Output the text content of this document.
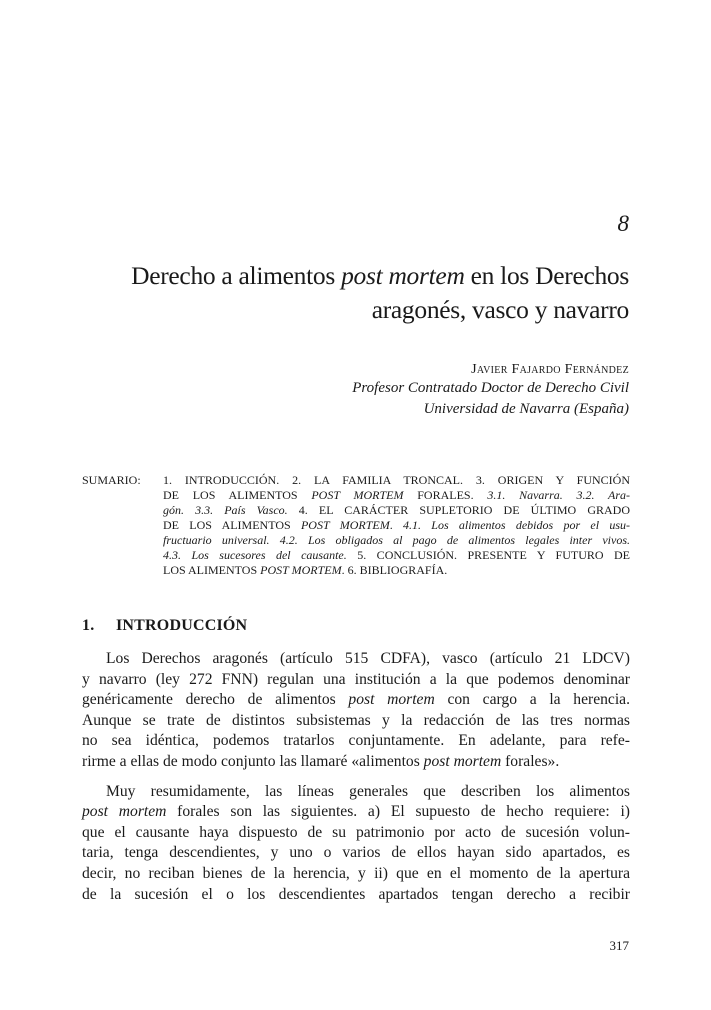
8
Derecho a alimentos post mortem en los Derechos
aragonés, vasco y navarro
Javier Fajardo Fernández
Profesor Contratado Doctor de Derecho Civil
Universidad de Navarra (España)
SUMARIO: 1. INTRODUCCIÓN. 2. LA FAMILIA TRONCAL. 3. ORIGEN Y FUNCIÓN
DE LOS ALIMENTOS POST MORTEM FORALES. 3.1. Navarra. 3.2. Ara-
gón. 3.3. País Vasco. 4. EL CARÁCTER SUPLETORIO DE ÚLTIMO GRADO
DE LOS ALIMENTOS POST MORTEM. 4.1. Los alimentos debidos por el usu-
fructuario universal. 4.2. Los obligados al pago de alimentos legales inter vivos.
4.3. Los sucesores del causante. 5. CONCLUSIÓN. PRESENTE Y FUTURO DE
LOS ALIMENTOS POST MORTEM. 6. BIBLIOGRAFÍA.
1. INTRODUCCIÓN
Los Derechos aragonés (artículo 515 CDFA), vasco (artículo 21 LDCV)
y navarro (ley 272 FNN) regulan una institución a la que podemos denominar
genéricamente derecho de alimentos post mortem con cargo a la herencia.
Aunque se trate de distintos subsistemas y la redacción de las tres normas
no sea idéntica, podemos tratarlos conjuntamente. En adelante, para refe-
rirme a ellas de modo conjunto las llamaré «alimentos post mortem forales».
Muy resumidamente, las líneas generales que describen los alimentos
post mortem forales son las siguientes. a) El supuesto de hecho requiere: i)
que el causante haya dispuesto de su patrimonio por acto de sucesión volun-
taria, tenga descendientes, y uno o varios de ellos hayan sido apartados, es
decir, no reciban bienes de la herencia, y ii) que en el momento de la apertura
de la sucesión el o los descendientes apartados tengan derecho a recibir
317
